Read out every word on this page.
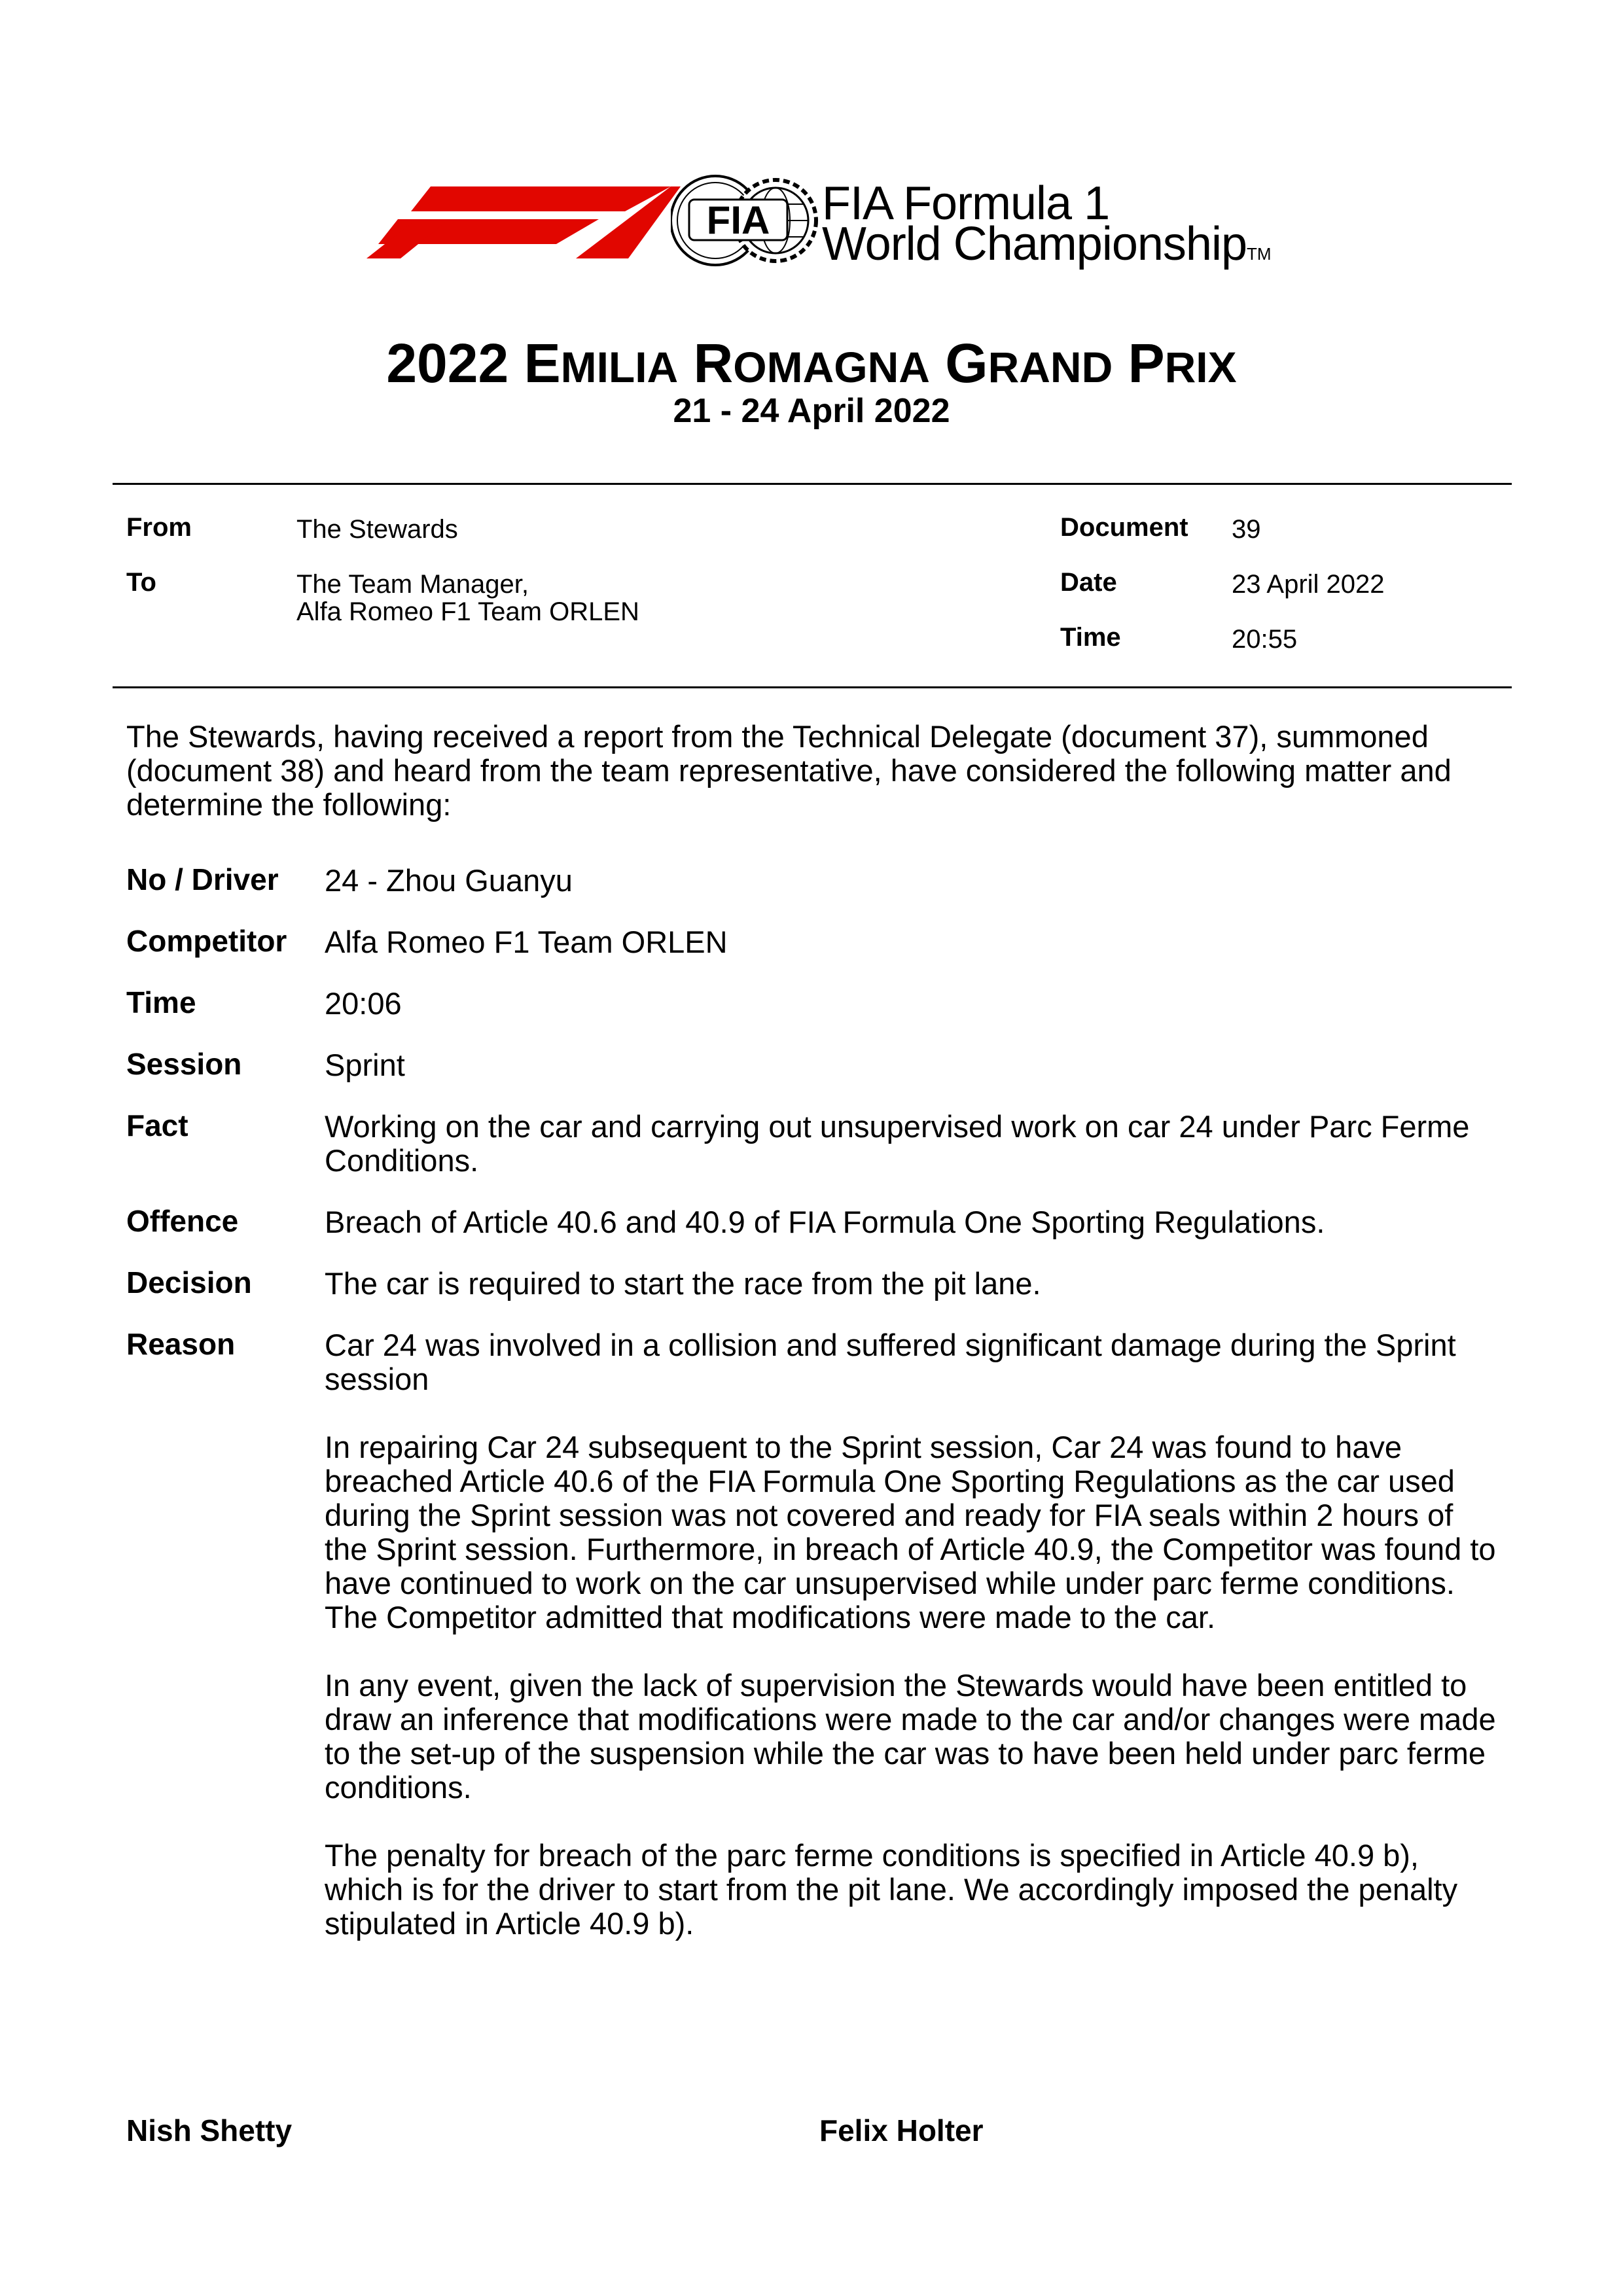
FIA FIA Formula 1
World ChampionshipTM
2022 EMILIA ROMAGNA GRAND PRIX
21 - 24 April 2022
From	The Stewards
To	The Team Manager,
Alfa Romeo F1 Team ORLEN
Document 39
Date	23 April 2022
Time	20:55
The Stewards, having received a report from the Technical Delegate (document 37), summoned (document 38) and heard from the team representative, have considered the following matter and determine the following:
No / Driver 24 - Zhou Guanyu
Competitor Alfa Romeo F1 Team ORLEN
Time	20:06
Session	Sprint
Fact	Working on the car and carrying out unsupervised work on car 24 under Parc Ferme Conditions.
Offence	Breach of Article 40.6 and 40.9 of FIA Formula One Sporting Regulations.
Decision The car is required to start the race from the pit lane.
Reason	Car 24 was involved in a collision and suffered significant damage during the Sprint session

In repairing Car 24 subsequent to the Sprint session, Car 24 was found to have breached Article 40.6 of the FIA Formula One Sporting Regulations as the car used during the Sprint session was not covered and ready for FIA seals within 2 hours of the Sprint session. Furthermore, in breach of Article 40.9, the Competitor was found to have continued to work on the car unsupervised while under parc ferme conditions. The Competitor admitted that modifications were made to the car.

In any event, given the lack of supervision the Stewards would have been entitled to draw an inference that modifications were made to the car and/or changes were made to the set-up of the suspension while the car was to have been held under parc ferme conditions.

The penalty for breach of the parc ferme conditions is specified in Article 40.9 b), which is for the driver to start from the pit lane. We accordingly imposed the penalty stipulated in Article 40.9 b).

Nish Shetty	Felix Holter
